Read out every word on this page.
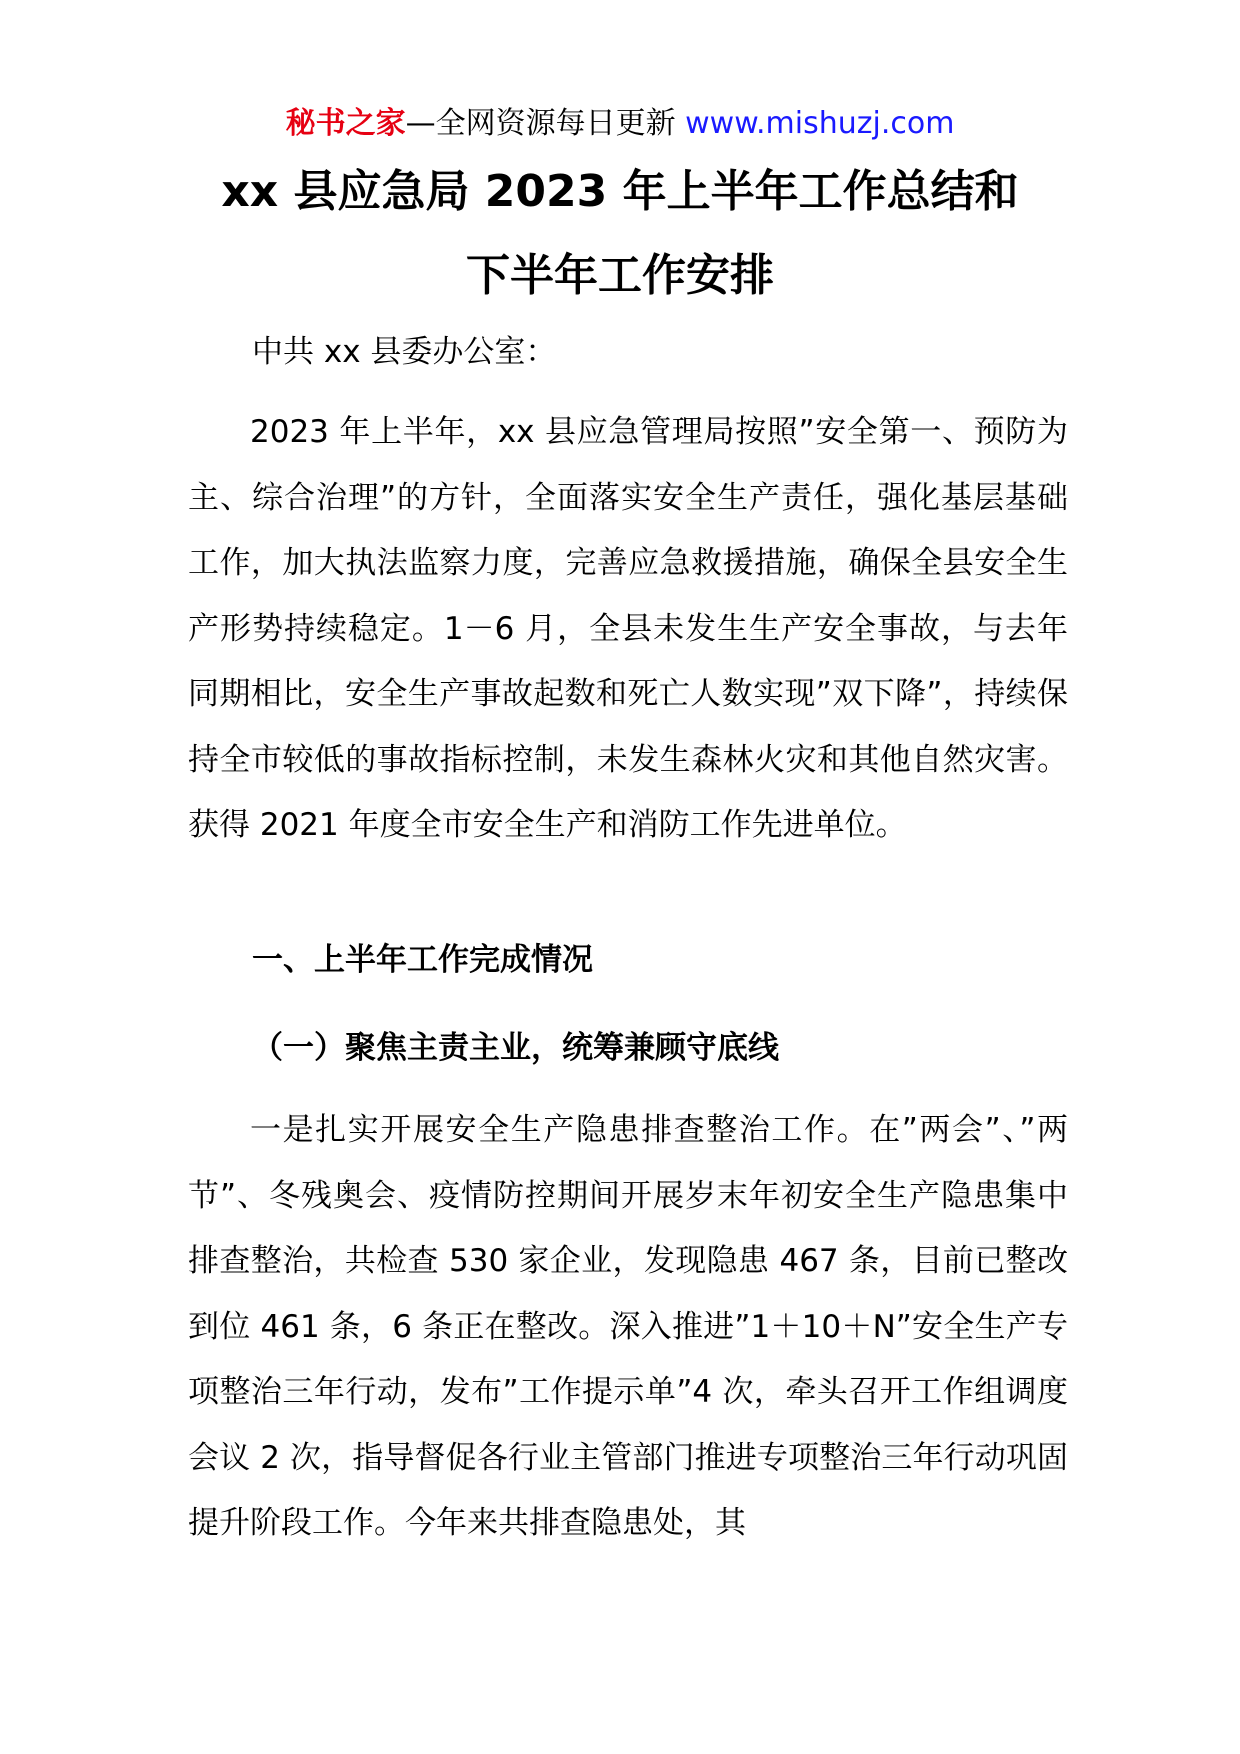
秘书之家—全网资源每日更新 www.mishuzj.com
xx 县应急局 2023 年上半年工作总结和
下半年工作安排

中共 xx 县委办公室：

2023 年上半年，xx 县应急管理局按照”安全第一、预防为主、综合治理”的方针，全面落实安全生产责任，强化基层基础工作，加大执法监察力度，完善应急救援措施，确保全县安全生产形势持续稳定。1－6 月，全县未发生生产安全事故，与去年同期相比，安全生产事故起数和死亡人数实现”双下降”，持续保持全市较低的事故指标控制，未发生森林火灾和其他自然灾害。获得 2021 年度全市安全生产和消防工作先进单位。

一、上半年工作完成情况

（一）聚焦主责主业，统筹兼顾守底线

一是扎实开展安全生产隐患排查整治工作。在”两会”、”两节”、冬残奥会、疫情防控期间开展岁末年初安全生产隐患集中排查整治，共检查 530 家企业，发现隐患 467 条，目前已整改到位 461 条，6 条正在整改。深入推进”1＋10＋N”安全生产专项整治三年行动，发布”工作提示单”4 次，牵头召开工作组调度会议 2 次，指导督促各行业主管部门推进专项整治三年行动巩固提升阶段工作。今年来共排查隐患处，其
